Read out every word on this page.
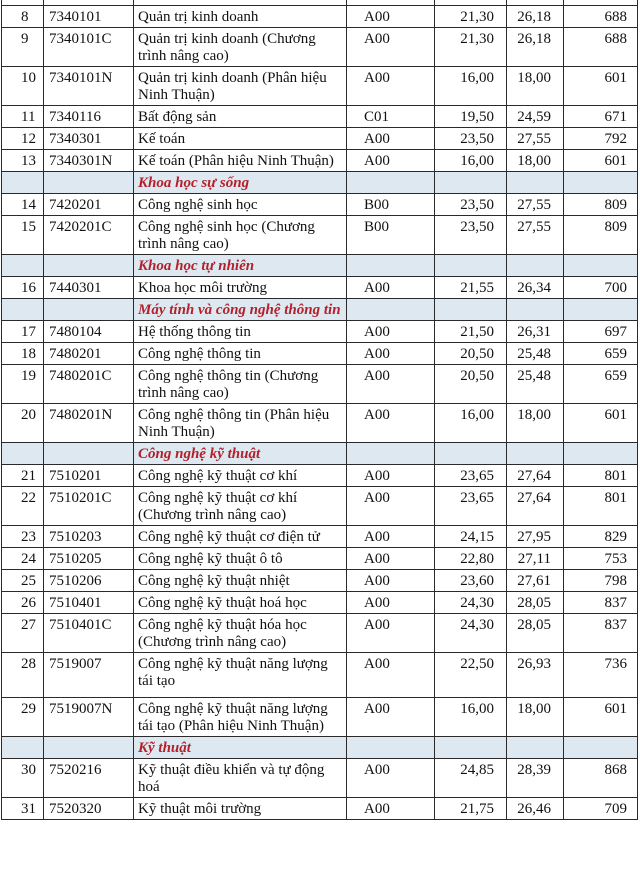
8	7340101	Quản trị kinh doanh	A00	21,30	26,18	688
9	7340101C	Quản trị kinh doanh (Chương trình nâng cao)	A00	21,30	26,18	688
10	7340101N	Quản trị kinh doanh (Phân hiệu Ninh Thuận)	A00	16,00	18,00	601
11	7340116	Bất động sản	C01	19,50	24,59	671
12	7340301	Kế toán	A00	23,50	27,55	792
13	7340301N	Kế toán (Phân hiệu Ninh Thuận)	A00	16,00	18,00	601
		Khoa học sự sống				
14	7420201	Công nghệ sinh học	B00	23,50	27,55	809
15	7420201C	Công nghệ sinh học (Chương trình nâng cao)	B00	23,50	27,55	809
		Khoa học tự nhiên				
16	7440301	Khoa học môi trường	A00	21,55	26,34	700
		Máy tính và công nghệ thông tin				
17	7480104	Hệ thống thông tin	A00	21,50	26,31	697
18	7480201	Công nghệ thông tin	A00	20,50	25,48	659
19	7480201C	Công nghệ thông tin (Chương trình nâng cao)	A00	20,50	25,48	659
20	7480201N	Công nghệ thông tin (Phân hiệu Ninh Thuận)	A00	16,00	18,00	601
		Công nghệ kỹ thuật				
21	7510201	Công nghệ kỹ thuật cơ khí	A00	23,65	27,64	801
22	7510201C	Công nghệ kỹ thuật cơ khí (Chương trình nâng cao)	A00	23,65	27,64	801
23	7510203	Công nghệ kỹ thuật cơ điện tử	A00	24,15	27,95	829
24	7510205	Công nghệ kỹ thuật ô tô	A00	22,80	27,11	753
25	7510206	Công nghệ kỹ thuật nhiệt	A00	23,60	27,61	798
26	7510401	Công nghệ kỹ thuật hoá học	A00	24,30	28,05	837
27	7510401C	Công nghệ kỹ thuật hóa học (Chương trình nâng cao)	A00	24,30	28,05	837
28	7519007	Công nghệ kỹ thuật năng lượng tái tạo	A00	22,50	26,93	736
29	7519007N	Công nghệ kỹ thuật năng lượng tái tạo (Phân hiệu Ninh Thuận)	A00	16,00	18,00	601
		Kỹ thuật				
30	7520216	Kỹ thuật điều khiển và tự động hoá	A00	24,85	28,39	868
31	7520320	Kỹ thuật môi trường	A00	21,75	26,46	709
